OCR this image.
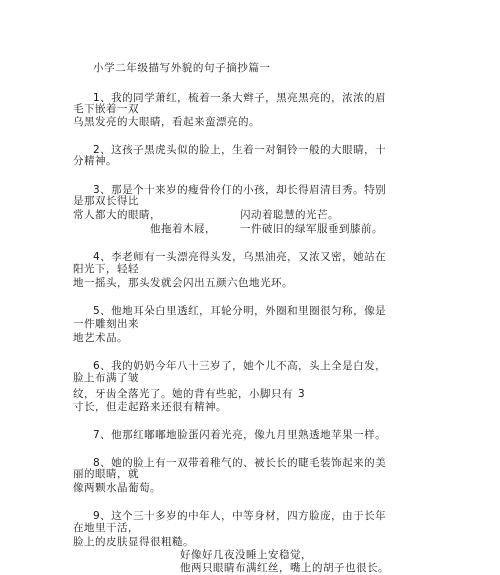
小学二年级描写外貌的句子摘抄篇一
1、我的同学萧红，梳着一条大辫子，黑亮黑亮的，浓浓的眉
毛下嵌着一双
乌黑发亮的大眼睛，看起来蛮漂亮的。
2、这孩子黑虎头似的脸上，生着一对铜铃一般的大眼睛，十
分精神。
3、那是个十来岁的瘦骨伶仃的小孩，却长得眉清目秀。特别
是那双长得比
常人都大的眼睛，	闪动着聪慧的光芒。
他拖着木屐， 一件破旧的绿军服垂到膝前。
4、李老师有一头漂亮得头发，乌黑油亮，又浓又密，她站在
阳光下，轻轻
地一摇头，那头发就会闪出五颜六色地光环。
5、他地耳朵白里透红，耳轮分明，外圈和里圈很匀称，像是
一件雕刻出来
地艺术品。
6、我的奶奶今年八十三岁了，她个儿不高，头上全是白发，
脸上布满了皱
纹，牙齿全落光了。她的背有些驼，小脚只有 3
寸长，但走起路来还很有精神。
7、他那红嘟嘟地脸蛋闪着光亮，像九月里熟透地苹果一样。
8、她的脸上有一双带着稚气的、被长长的睫毛装饰起来的美
丽的眼睛，就
像两颗水晶葡萄。
9、这个三十多岁的中年人，中等身材，四方脸庞，由于长年
在地里干活，
脸上的皮肤显得很粗糙。
好像好几夜没睡上安稳觉，
他两只眼睛布满红丝，嘴上的胡子也很长。
